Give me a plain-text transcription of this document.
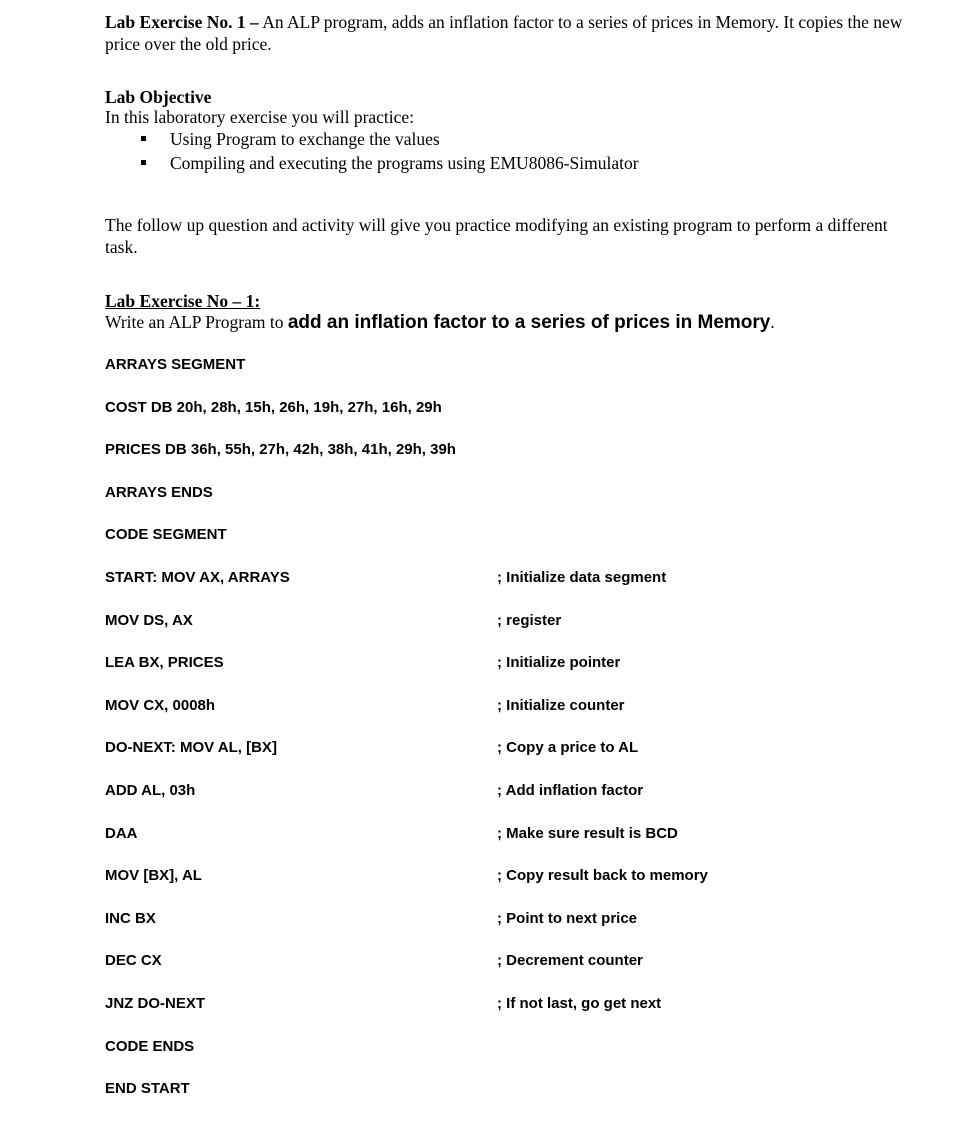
Lab Exercise No. 1 – An ALP program, adds an inflation factor to a series of prices in Memory. It copies the new price over the old price.

Lab Objective
In this laboratory exercise you will practice:
Using Program to exchange the values
Compiling and executing the programs using EMU8086-Simulator

The follow up question and activity will give you practice modifying an existing program to perform a different task.

Lab Exercise No – 1:
Write an ALP Program to add an inflation factor to a series of prices in Memory.
ARRAYS SEGMENT
COST DB 20h, 28h, 15h, 26h, 19h, 27h, 16h, 29h
PRICES DB 36h, 55h, 27h, 42h, 38h, 41h, 29h, 39h
ARRAYS ENDS
CODE SEGMENT
START: MOV AX, ARRAYS	; Initialize data segment
MOV DS, AX	; register
LEA BX, PRICES	; Initialize pointer
MOV CX, 0008h	; Initialize counter
DO-NEXT: MOV AL, [BX]	; Copy a price to AL
ADD AL, 03h	; Add inflation factor
DAA	; Make sure result is BCD
MOV [BX], AL	; Copy result back to memory
INC BX	; Point to next price
DEC CX	; Decrement counter
JNZ DO-NEXT	; If not last, go get next
CODE ENDS
END START
